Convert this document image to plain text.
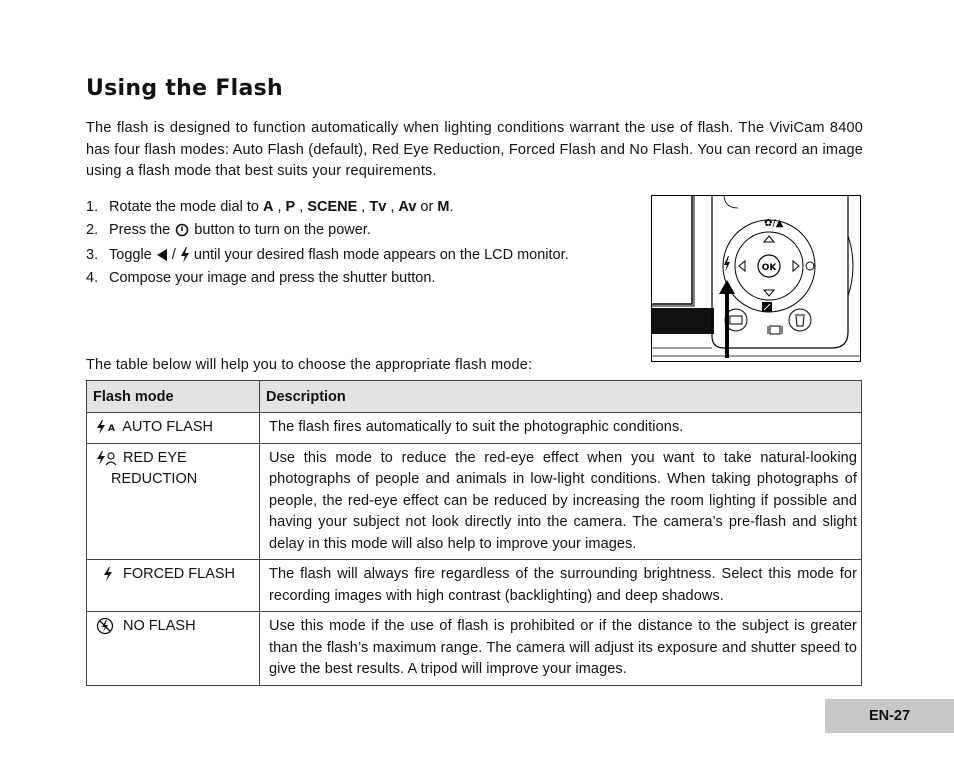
Using the Flash

The flash is designed to function automatically when lighting conditions warrant the use of flash. The ViviCam 8400 has four flash modes: Auto Flash (default), Red Eye Reduction, Forced Flash and No Flash. You can record an image using a flash mode that best suits your requirements.

1. Rotate the mode dial to A , P , SCENE , Tv , Av or M.
2. Press the  button to turn on the power.
3. Toggle  /  until your desired flash mode appears on the LCD monitor.
4. Compose your image and press the shutter button.
✿/▲
OK

The table below will help you to choose the appropriate flash mode:

Flash mode	Description

A AUTO FLASH	The flash fires automatically to suit the photographic conditions.
RED EYE
REDUCTION	Use this mode to reduce the red-eye effect when you want to take natural-looking photographs of people and animals in low-light conditions. When taking photographs of people, the red-eye effect can be reduced by increasing the room lighting if possible and having your subject not look directly into the camera. The camera’s pre-flash and slight delay in this mode will also help to improve your images.
FORCED FLASH	The flash will always fire regardless of the surrounding brightness. Select this mode for recording images with high contrast (backlighting) and deep shadows.
NO FLASH	Use this mode if the use of flash is prohibited or if the distance to the subject is greater than the flash’s maximum range. The camera will adjust its exposure and shutter speed to give the best results. A tripod will improve your images.
EN-27
